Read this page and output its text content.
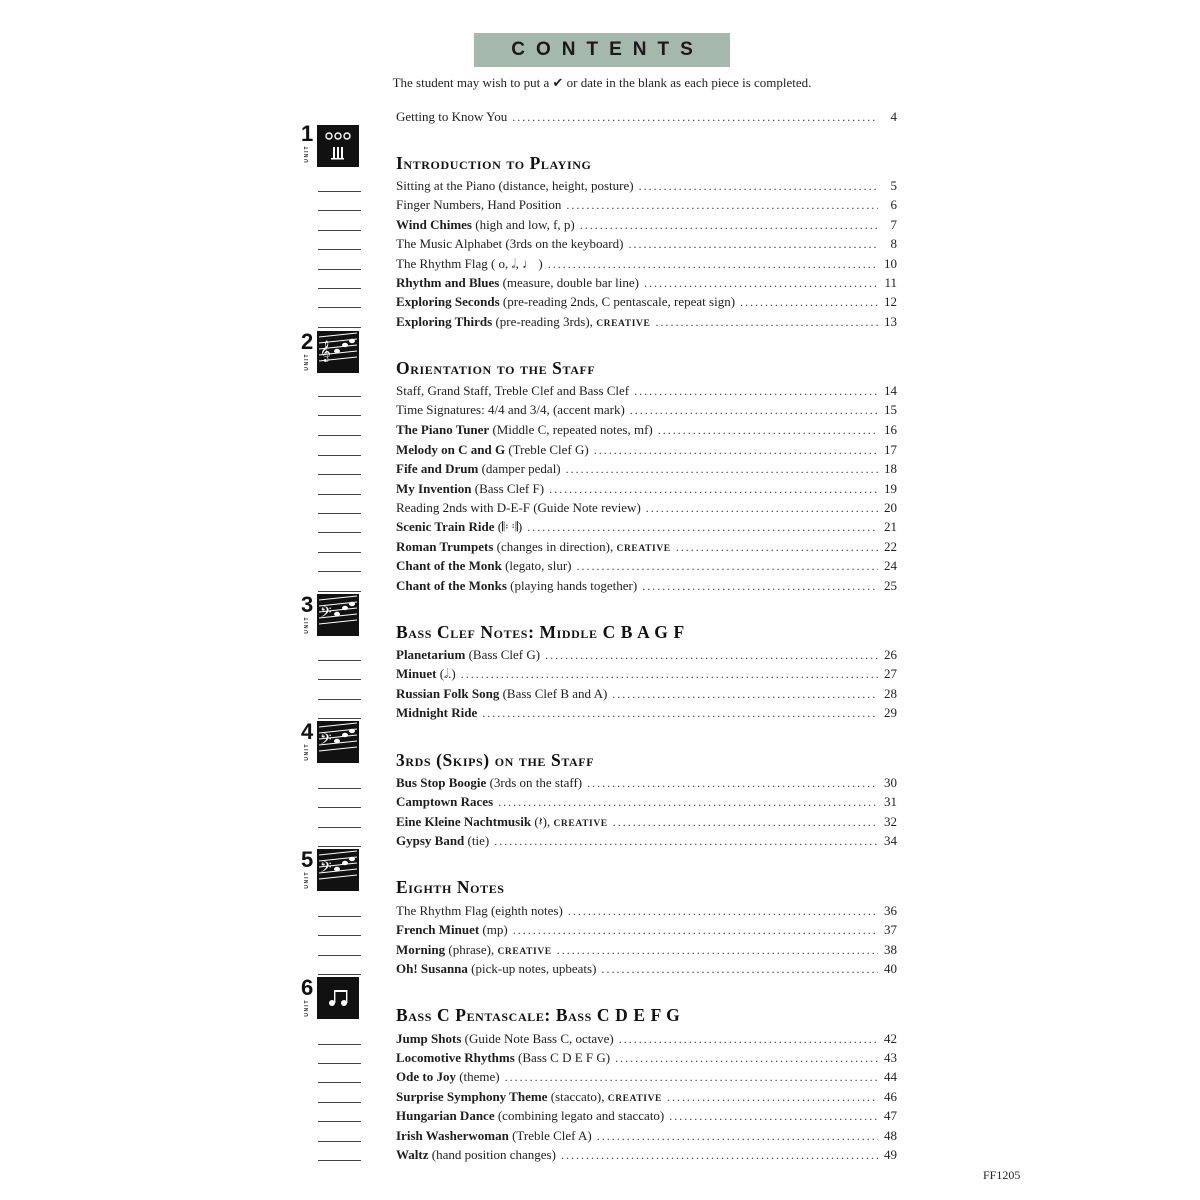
CONTENTS
The student may wish to put a ✔ or date in the blank as each piece is completed.
Getting to Know You . . .	4
Introduction to Playing
Sitting at the Piano (distance, height, posture) . . .	5
Finger Numbers, Hand Position . . .	6
Wind Chimes (high and low, f, p) . . .	7
The Music Alphabet (3rds on the keyboard) . . .	8
The Rhythm Flag ( o, 𝅗𝅥, ♩ ) . . .	10
Rhythm and Blues (measure, double bar line) . . .	11
Exploring Seconds (pre-reading 2nds, C pentascale, repeat sign) . . .	12
Exploring Thirds (pre-reading 3rds), CREATIVE . . .	13
1
UNIT
Orientation to the Staff
Staff, Grand Staff, Treble Clef and Bass Clef . . .	14
Time Signatures: 4/4 and 3/4, (accent mark) . . .	15
The Piano Tuner (Middle C, repeated notes, mf) . . .	16
Melody on C and G (Treble Clef G) . . .	17
Fife and Drum (damper pedal) . . .	18
My Invention (Bass Clef F) . . .	19
Reading 2nds with D-E-F (Guide Note review) . . .	20
Scenic Train Ride (𝄆 𝄇) . . .	21
Roman Trumpets (changes in direction), CREATIVE . . .	22
Chant of the Monk (legato, slur) . . .	24
Chant of the Monks (playing hands together) . . .	25
2
UNIT 𝄞
Bass Clef Notes: Middle C B A G F
Planetarium (Bass Clef G) . . .	26
Minuet (𝅗𝅥.) . . .	27
Russian Folk Song (Bass Clef B and A) . . .	28
Midnight Ride . . .	29
3
UNIT 𝄢
3rds (Skips) on the Staff
Bus Stop Boogie (3rds on the staff) . . .	30
Camptown Races . . .	31
Eine Kleine Nachtmusik (𝄽), CREATIVE . . .	32
Gypsy Band (tie) . . .	34
4
UNIT 𝄢
Eighth Notes
The Rhythm Flag (eighth notes) . . .	36
French Minuet (mp) . . .	37
Morning (phrase), CREATIVE . . .	38
Oh! Susanna (pick-up notes, upbeats) . . .	40
5
UNIT 𝄢
Bass C Pentascale: Bass C D E F G
Jump Shots (Guide Note Bass C, octave) . . .	42
Locomotive Rhythms (Bass C D E F G) . . .	43
Ode to Joy (theme) . . .	44
Surprise Symphony Theme (staccato), CREATIVE . . .	46
Hungarian Dance (combining legato and staccato) . . .	47
Irish Washerwoman (Treble Clef A) . . .	48
Waltz (hand position changes) . . .	49
6
UNIT
FF1205
